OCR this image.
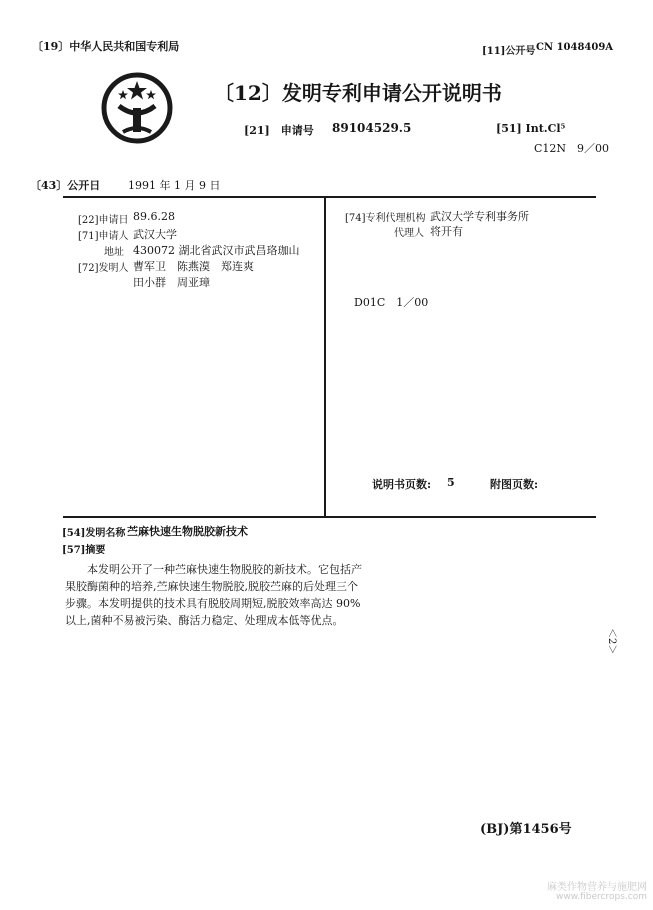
〔19〕中华人民共和国专利局	[11]公开号 CN 1048409A
〔12〕发明专利申请公开说明书
[21]　申请号 89104529.5	[51] Int.Cl⁵
C12N　9／00
〔43〕公开日	1991 年 1 月 9 日
[22]申请日 89.6.28
[71]申请人 武汉大学
地址 430072 湖北省武汉市武昌珞珈山
[72]发明人 曹军卫　陈燕漠　郑连爽
田小群　周亚璋
[74]专利代理机构 武汉大学专利事务所
代理人 将开有
D01C　1／00
说明书页数: 5	附图页数:
[54]发明名称 苎麻快速生物脱胶新技术
[57]摘要
本发明公开了一种苎麻快速生物脱胶的新技术。它包括产果胶酶菌种的培养,苎麻快速生物脱胶,脱胶苎麻的后处理三个步骤。本发明提供的技术具有脱胶周期短,脱胶效率高达 90%以上,菌种不易被污染、酶活力稳定、处理成本低等优点。
＜2＞
(BJ)第1456号
麻类作物营养与施肥网
www.fibercrops.com
